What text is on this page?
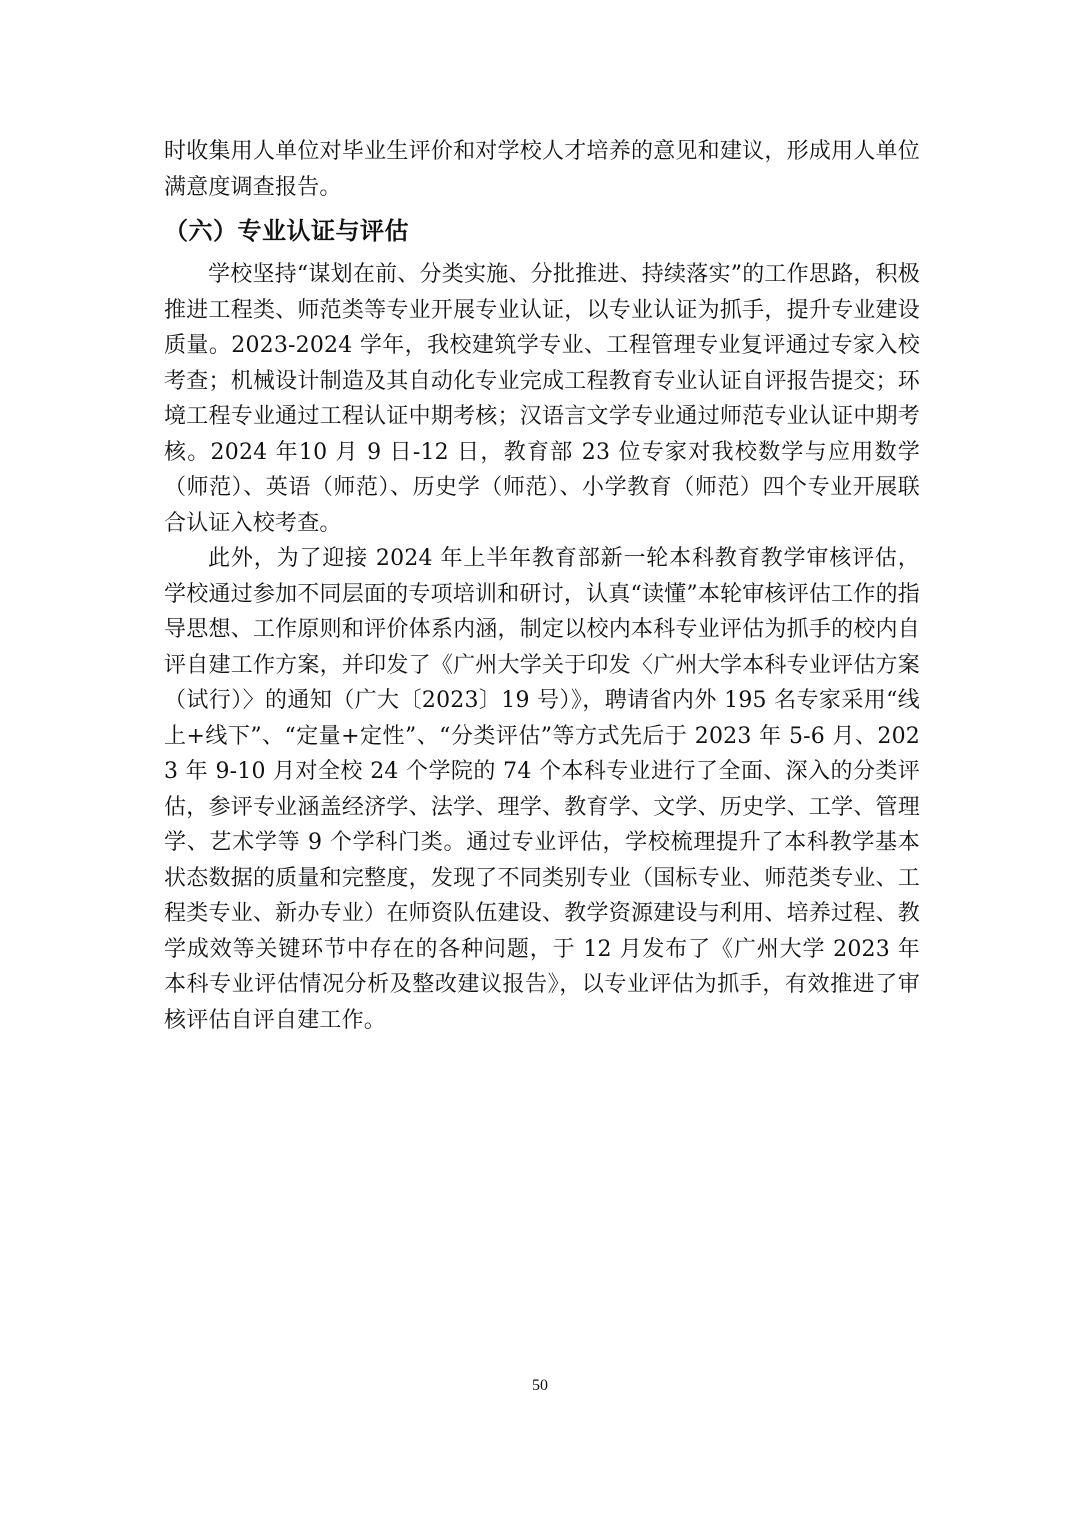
时收集用人单位对毕业生评价和对学校人才培养的意见和建议，形成用人单位满意度调查报告。

（六）专业认证与评估

学校坚持“谋划在前、分类实施、分批推进、持续落实”的工作思路，积极推进工程类、师范类等专业开展专业认证，以专业认证为抓手，提升专业建设质量。2023-2024 学年，我校建筑学专业、工程管理专业复评通过专家入校考查；机械设计制造及其自动化专业完成工程教育专业认证自评报告提交；环境工程专业通过工程认证中期考核；汉语言文学专业通过师范专业认证中期考核。2024 年10 月 9 日-12 日，教育部 23 位专家对我校数学与应用数学（师范）、英语（师范）、历史学（师范）、小学教育（师范）四个专业开展联合认证入校考查。

此外，为了迎接 2024 年上半年教育部新一轮本科教育教学审核评估，学校通过参加不同层面的专项培训和研讨，认真“读懂”本轮审核评估工作的指导思想、工作原则和评价体系内涵，制定以校内本科专业评估为抓手的校内自评自建工作方案，并印发了《广州大学关于印发〈广州大学本科专业评估方案（试行）〉的通知（广大〔2023〕19 号）》，聘请省内外 195 名专家采用“线上+线下”、“定量+定性”、“分类评估”等方式先后于 2023 年 5-6 月、2023 年 9-10 月对全校 24 个学院的 74 个本科专业进行了全面、深入的分类评估，参评专业涵盖经济学、法学、理学、教育学、文学、历史学、工学、管理学、艺术学等 9 个学科门类。通过专业评估，学校梳理提升了本科教学基本状态数据的质量和完整度，发现了不同类别专业（国标专业、师范类专业、工程类专业、新办专业）在师资队伍建设、教学资源建设与利用、培养过程、教学成效等关键环节中存在的各种问题，于 12 月发布了《广州大学 2023 年本科专业评估情况分析及整改建议报告》，以专业评估为抓手，有效推进了审核评估自评自建工作。

50
